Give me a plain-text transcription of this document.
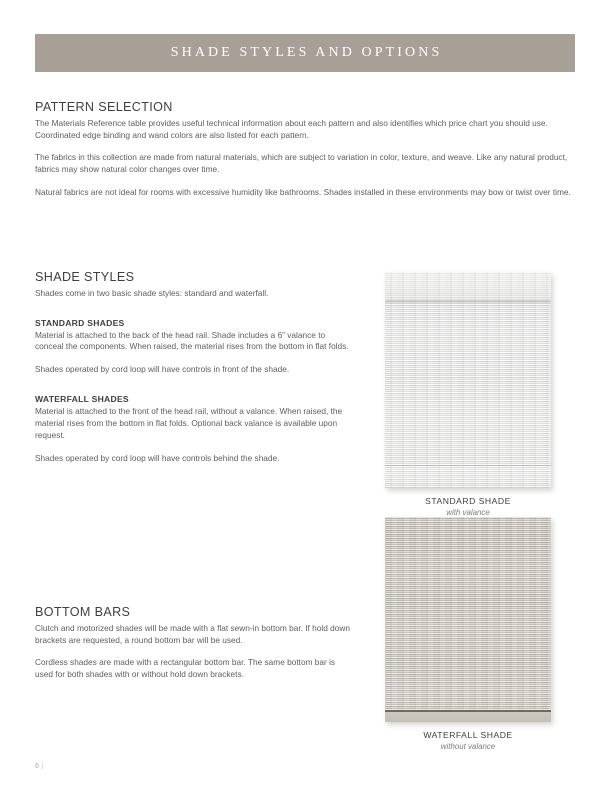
SHADE STYLES AND OPTIONS
PATTERN SELECTION

The Materials Reference table provides useful technical information about each pattern and also identifies which price chart you should use. Coordinated edge binding and wand colors are also listed for each pattern.

The fabrics in this collection are made from natural materials, which are subject to variation in color, texture, and weave. Like any natural product, fabrics may show natural color changes over time.

Natural fabrics are not ideal for rooms with excessive humidity like bathrooms. Shades installed in these environments may bow or twist over time.

SHADE STYLES

Shades come in two basic shade styles: standard and waterfall.

STANDARD SHADES

Material is attached to the back of the head rail. Shade includes a 6” valance to conceal the components. When raised, the material rises from the bottom in flat folds.

Shades operated by cord loop will have controls in front of the shade.

WATERFALL SHADES

Material is attached to the front of the head rail, without a valance. When raised, the material rises from the bottom in flat folds. Optional back valance is available upon request.

Shades operated by cord loop will have controls behind the shade.

BOTTOM BARS

Clutch and motorized shades will be made with a flat sewn-in bottom bar. If hold down brackets are requested, a round bottom bar will be used.

Cordless shades are made with a rectangular bottom bar. The same bottom bar is used for both shades with or without hold down brackets.

STANDARD SHADE
with valance
WATERFALL SHADE
without valance
6 |
